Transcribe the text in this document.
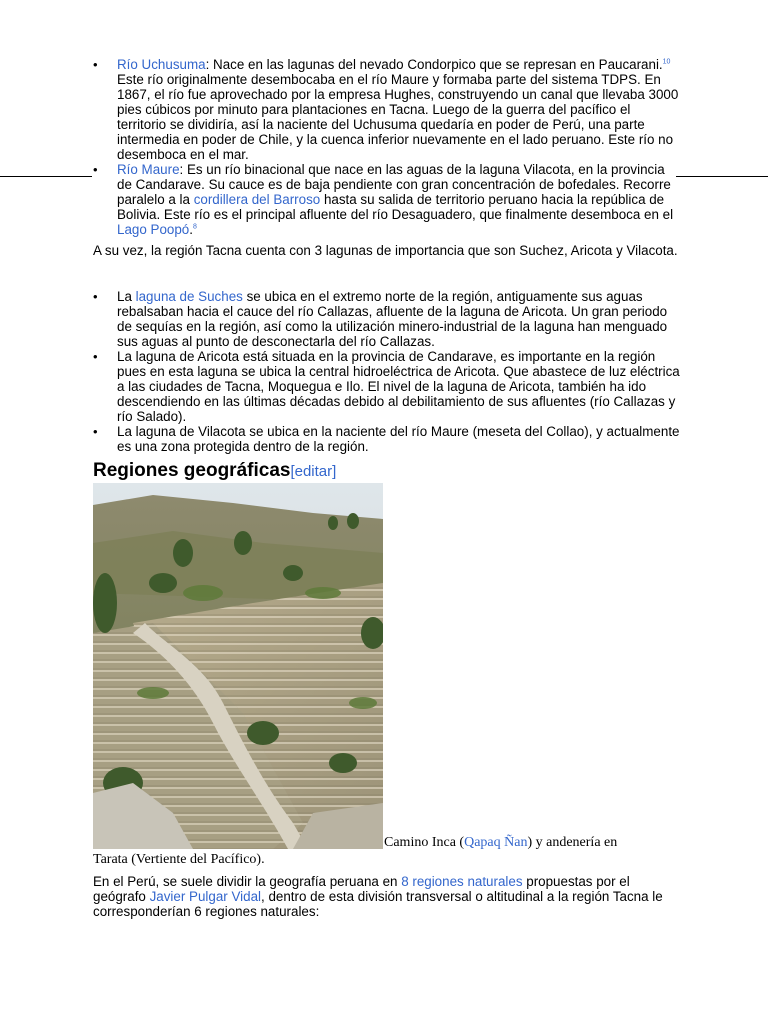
• Río Uchusuma: Nace en las lagunas del nevado Condorpico que se represan en Paucarani.$^{10}$ Este río originalmente desembocaba en el río Maure y formaba parte del sistema TDPS. En 1867, el río fue aprovechado por la empresa Hughes, construyendo un canal que llevaba 3000 pies cúbicos por minuto para plantaciones en Tacna. Luego de la guerra del pacífico el territorio se dividiría, así la naciente del Uchusuma quedaría en poder de Perú, una parte intermedia en poder de Chile, y la cuenca inferior nuevamente en el lado peruano. Este río no desemboca en el mar.
• Río Maure: Es un río binacional que nace en las aguas de la laguna Vilacota, en la provincia de Candarave. Su cauce es de baja pendiente con gran concentración de bofedales. Recorre paralelo a la cordillera del Barroso hasta su salida de territorio peruano hacia la república de Bolivia. Este río es el principal afluente del río Desaguadero, que finalmente desemboca en el Lago Poopó.$^8$

A su vez, la región Tacna cuenta con 3 lagunas de importancia que son Suchez, Aricota y Vilacota.

• La laguna de Suches se ubica en el extremo norte de la región, antiguamente sus aguas rebalsaban hacia el cauce del río Callazas, afluente de la laguna de Aricota. Un gran periodo de sequías en la región, así como la utilización minero-industrial de la laguna han menguado sus aguas al punto de desconectarla del río Callazas.
• La laguna de Aricota está situada en la provincia de Candarave, es importante en la región pues en esta laguna se ubica la central hidroeléctrica de Aricota. Que abastece de luz eléctrica a las ciudades de Tacna, Moquegua e Ilo. El nivel de la laguna de Aricota, también ha ido descendiendo en las últimas décadas debido al debilitamiento de sus afluentes (río Callazas y río Salado).
• La laguna de Vilacota se ubica en la naciente del río Maure (meseta del Collao), y actualmente es una zona protegida dentro de la región.
Regiones geográficas[editar]

Camino Inca (Qapaq Ñan) y andenería en
Tarata (Vertiente del Pacífico).

En el Perú, se suele dividir la geografía peruana en 8 regiones naturales propuestas por el geógrafo Javier Pulgar Vidal, dentro de esta división transversal o altitudinal a la región Tacna le corresponderían 6 regiones naturales:
